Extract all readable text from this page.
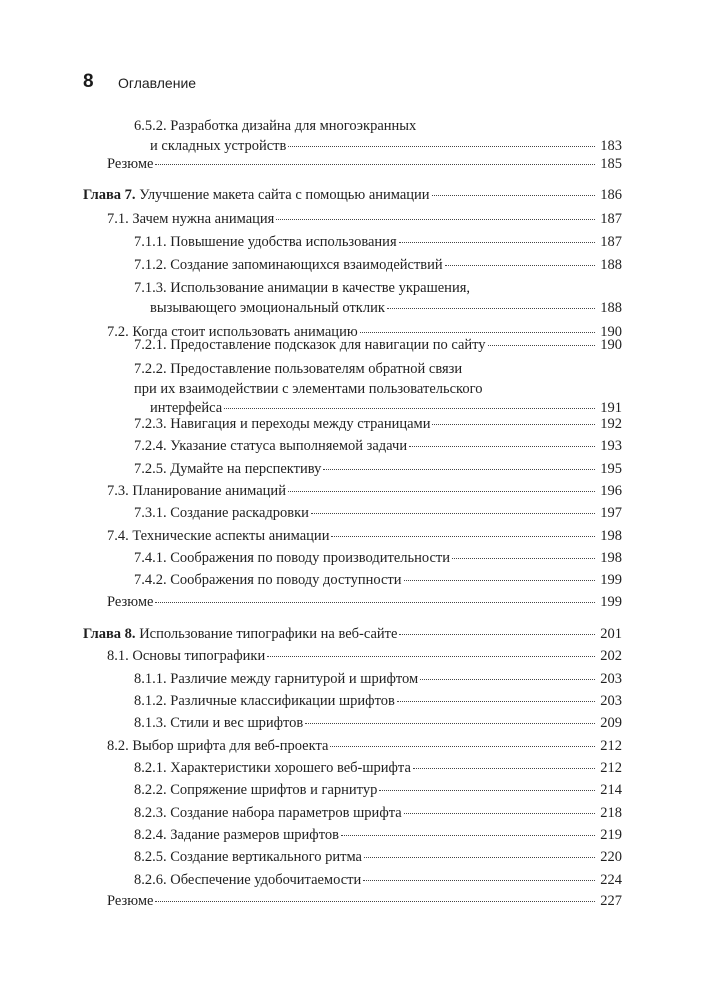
8 Оглавление
6.5.2. Разработка дизайна для многоэкранных
и складных устройств	183
Резюме	185
Глава 7. Улучшение макета сайта с помощью анимации	186
7.1. Зачем нужна анимация	187
7.1.1. Повышение удобства использования	187
7.1.2. Создание запоминающихся взаимодействий	188
7.1.3. Использование анимации в качестве украшения,
вызывающего эмоциональный отклик	188
7.2. Когда стоит использовать анимацию	190
7.2.1. Предоставление подсказок для навигации по сайту	190
7.2.2. Предоставление пользователям обратной связи
при их взаимодействии с элементами пользовательского
интерфейса	191
7.2.3. Навигация и переходы между страницами	192
7.2.4. Указание статуса выполняемой задачи	193
7.2.5. Думайте на перспективу	195
7.3. Планирование анимаций	196
7.3.1. Создание раскадровки	197
7.4. Технические аспекты анимации	198
7.4.1. Соображения по поводу производительности	198
7.4.2. Соображения по поводу доступности	199
Резюме	199
Глава 8. Использование типографики на веб-сайте	201
8.1. Основы типографики	202
8.1.1. Различие между гарнитурой и шрифтом	203
8.1.2. Различные классификации шрифтов	203
8.1.3. Стили и вес шрифтов	209
8.2. Выбор шрифта для веб-проекта	212
8.2.1. Характеристики хорошего веб-шрифта	212
8.2.2. Сопряжение шрифтов и гарнитур	214
8.2.3. Создание набора параметров шрифта	218
8.2.4. Задание размеров шрифтов	219
8.2.5. Создание вертикального ритма	220
8.2.6. Обеспечение удобочитаемости	224
Резюме	227
